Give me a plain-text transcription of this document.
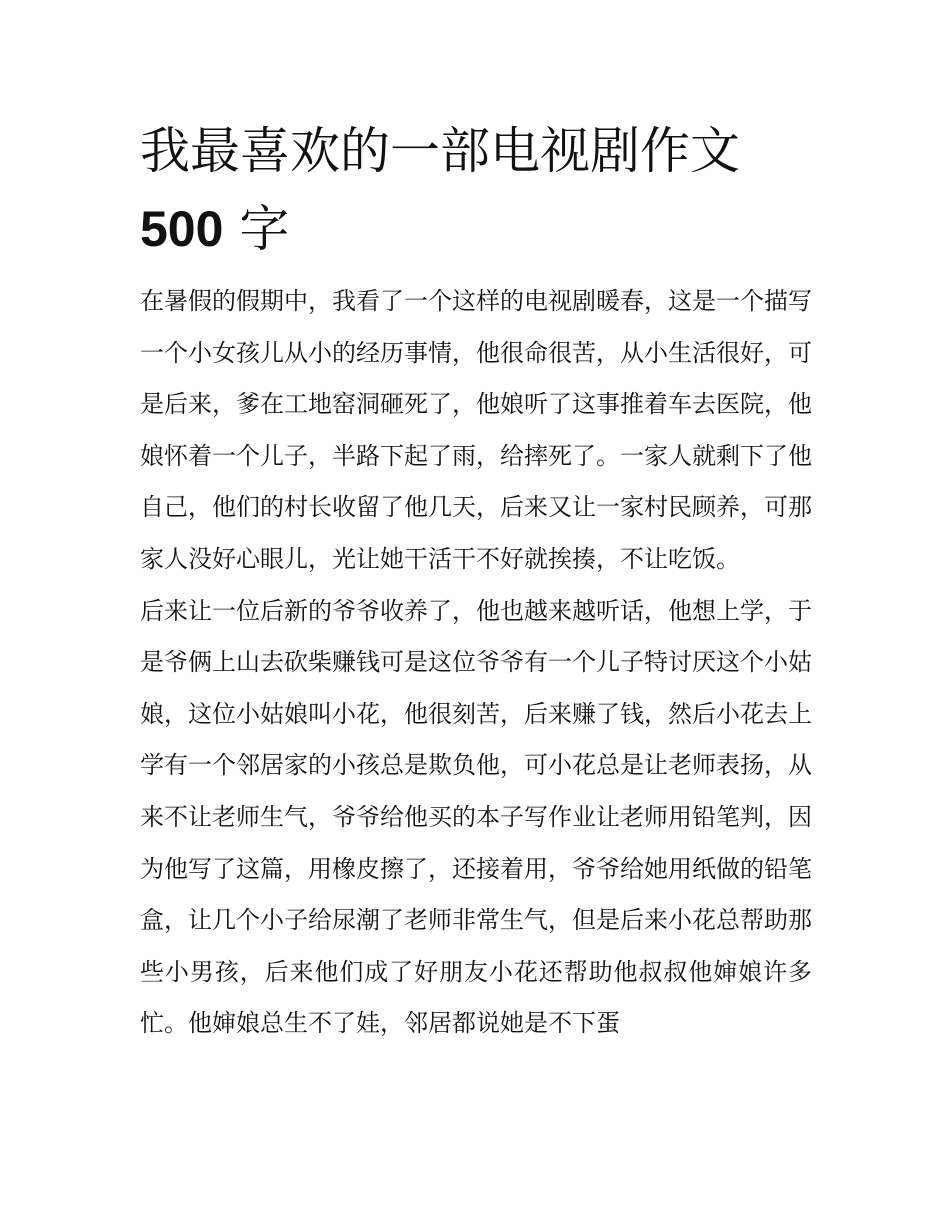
我最喜欢的一部电视剧作文
500 字

在暑假的假期中，我看了一个这样的电视剧暖春，这是一个描写一个小女孩儿从小的经历事情，他很命很苦，从小生活很好，可是后来，爹在工地窑洞砸死了，他娘听了这事推着车去医院，他娘怀着一个儿子，半路下起了雨，给摔死了。一家人就剩下了他自己，他们的村长收留了他几天，后来又让一家村民顾养，可那家人没好心眼儿，光让她干活干不好就挨揍，不让吃饭。

后来让一位后新的爷爷收养了，他也越来越听话，他想上学，于是爷俩上山去砍柴赚钱可是这位爷爷有一个儿子特讨厌这个小姑娘，这位小姑娘叫小花，他很刻苦，后来赚了钱，然后小花去上学有一个邻居家的小孩总是欺负他，可小花总是让老师表扬，从来不让老师生气，爷爷给他买的本子写作业让老师用铅笔判，因为他写了这篇，用橡皮擦了，还接着用，爷爷给她用纸做的铅笔盒，让几个小子给尿潮了老师非常生气，但是后来小花总帮助那些小男孩，后来他们成了好朋友小花还帮助他叔叔他婶娘许多忙。他婶娘总生不了娃，邻居都说她是不下蛋
